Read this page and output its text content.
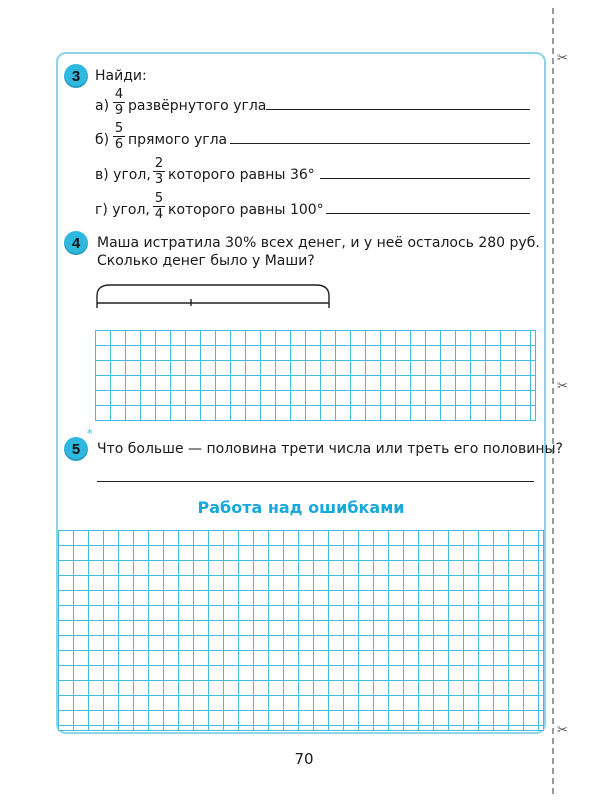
✂
✂
✂
3 Найди:
а)
4
9 развёрнутого угла
б)
5
6 прямого угла
в) угол,
2
3 которого равны 36°
г) угол,
5
4 которого равны 100°
4 Маша истратила 30% всех денег, и у неё осталось 280 руб.
Сколько денег было у Маши?
5
*
Что больше — половина трети числа или треть его половины?
Работа над ошибками
70
